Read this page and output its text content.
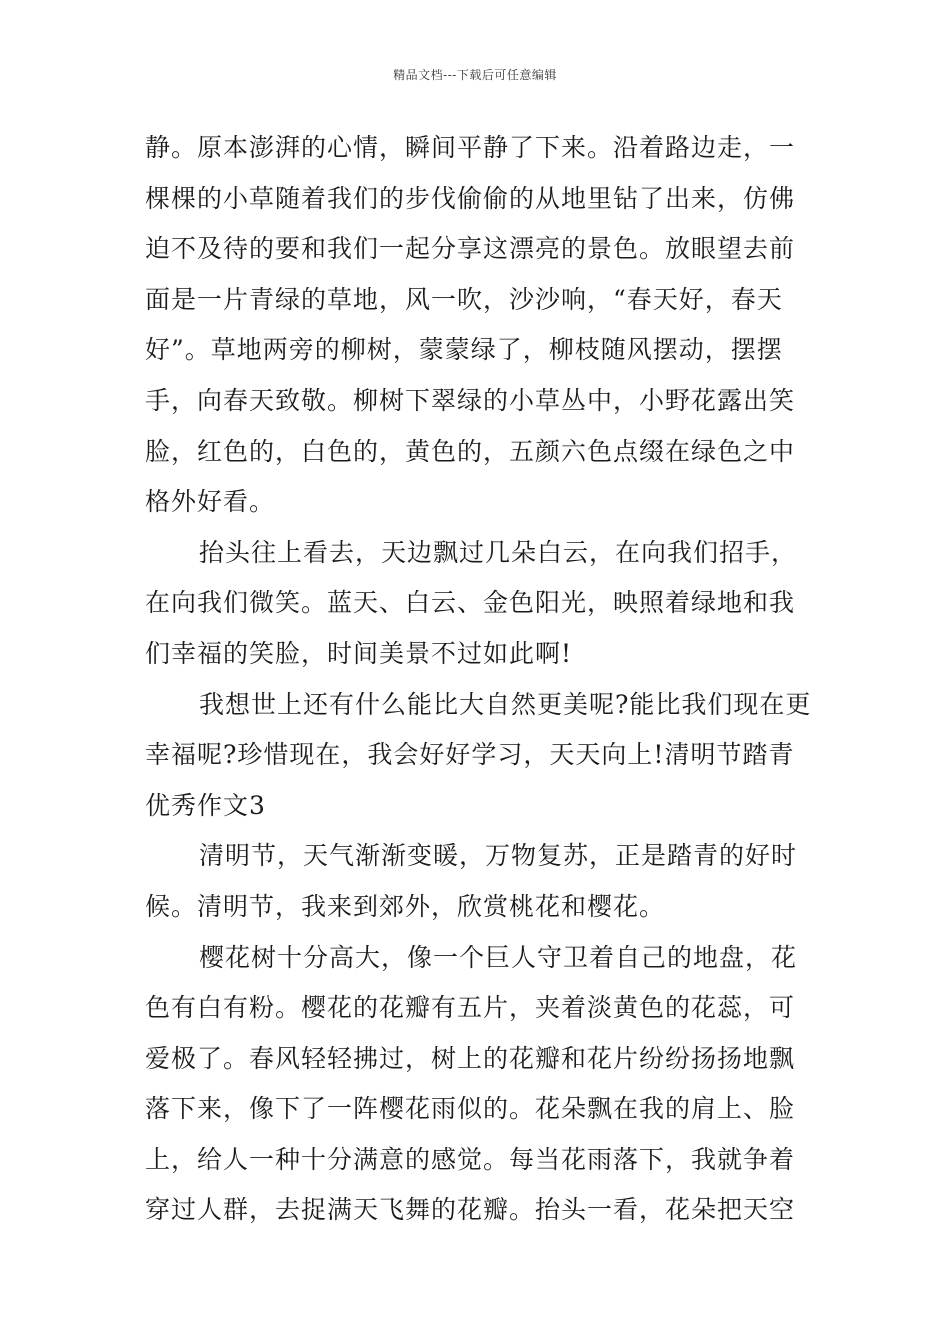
精品文档---下载后可任意编辑
静。原本澎湃的心情，瞬间平静了下来。沿着路边走，一
棵棵的小草随着我们的步伐偷偷的从地里钻了出来，仿佛
迫不及待的要和我们一起分享这漂亮的景色。放眼望去前
面是一片青绿的草地，风一吹，沙沙响，“春天好，春天
好”。草地两旁的柳树，蒙蒙绿了，柳枝随风摆动，摆摆
手，向春天致敬。柳树下翠绿的小草丛中，小野花露出笑
脸，红色的，白色的，黄色的，五颜六色点缀在绿色之中
格外好看。
抬头往上看去，天边飘过几朵白云，在向我们招手，
在向我们微笑。蓝天、白云、金色阳光，映照着绿地和我
们幸福的笑脸，时间美景不过如此啊!
我想世上还有什么能比大自然更美呢?能比我们现在更
幸福呢?珍惜现在，我会好好学习，天天向上!清明节踏青
优秀作文3
清明节，天气渐渐变暖，万物复苏，正是踏青的好时
候。清明节，我来到郊外，欣赏桃花和樱花。
樱花树十分高大，像一个巨人守卫着自己的地盘，花
色有白有粉。樱花的花瓣有五片，夹着淡黄色的花蕊，可
爱极了。春风轻轻拂过，树上的花瓣和花片纷纷扬扬地飘
落下来，像下了一阵樱花雨似的。花朵飘在我的肩上、脸
上，给人一种十分满意的感觉。每当花雨落下，我就争着
穿过人群，去捉满天飞舞的花瓣。抬头一看，花朵把天空
